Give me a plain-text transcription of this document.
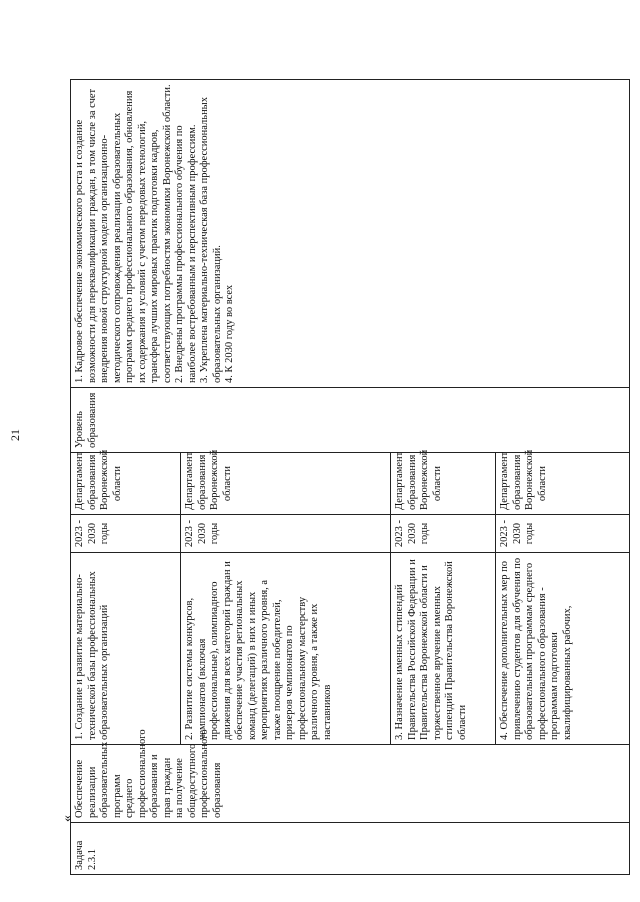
21
«
Задача 2.3.1	Обеспечение реализации образовательных программ среднего профессионального образования и прав граждан на получение общедоступного профессионального образования	1. Создание и развитие материально-технической базы профессиональных образовательных организаций	2023 - 2030 годы	Департамент образования Воронежской области	Уровень образования	1. Кадровое обеспечение экономического роста и создание возможности для переквалификации граждан, в том числе за счет внедрения новой структурной модели организационно-методического сопровождения реализации образовательных программ среднего профессионального образования, обновления их содержания и условий с учетом передовых технологий, трансфера лучших мировых практик подготовки кадров, соответствующих потребностям экономики Воронежской области.
2. Внедрены программы профессионального обучения по наиболее востребованным и перспективным профессиям.
3. Укреплена материально-техническая база профессиональных образовательных организаций.
4. К 2030 году во всех
		2. Развитие системы конкурсов, чемпионатов (включая профессиональные), олимпиадного движения для всех категорий граждан и обеспечение участия региональных команд (делегаций) в них и иных мероприятиях различного уровня, а также поощрение победителей, призеров чемпионатов по профессиональному мастерству различного уровня, а также их наставников	2023 - 2030 годы	Департамент образования Воронежской области		
		3. Назначение именных стипендий Правительства Российской Федерации и Правительства Воронежской области и торжественное вручение именных стипендий Правительства Воронежской области	2023 - 2030 годы	Департамент образования Воронежской области		
		4. Обеспечение дополнительных мер по привлечению студентов для обучения по образовательным программам среднего профессионального образования - программам подготовки квалифицированных рабочих,	2023 - 2030 годы	Департамент образования Воронежской области		
